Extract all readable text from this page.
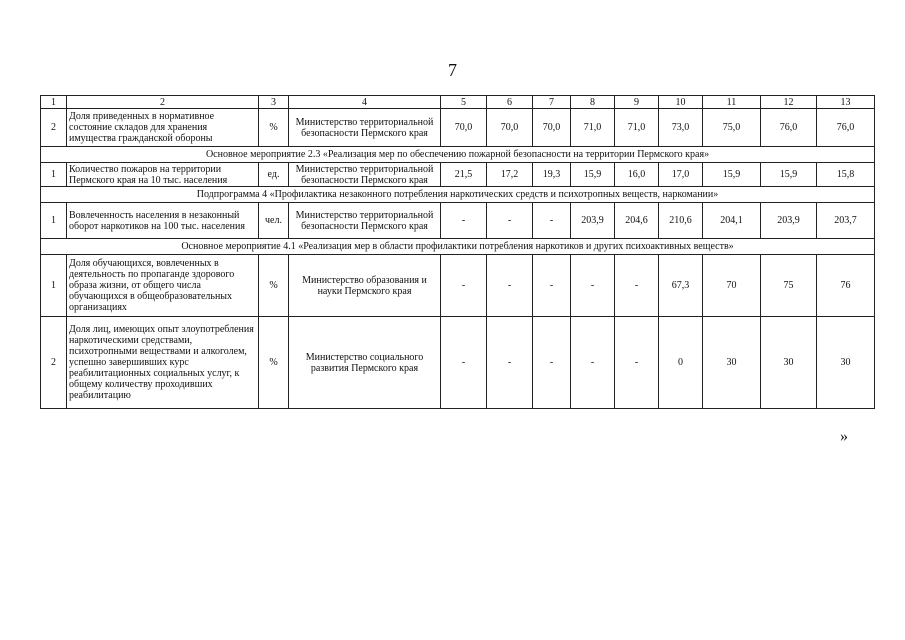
7
1	2	3	4	5	6	7	8	9	10	11	12	13
2	Доля приведенных в нормативное состояние складов для хранения имущества гражданской обороны	%	Министерство территориальной безопасности Пермского края	70,0	70,0	70,0	71,0	71,0	73,0	75,0	76,0	76,0
Основное мероприятие 2.3 «Реализация мер по обеспечению пожарной безопасности на территории Пермского края»												
1	Количество пожаров на территории Пермского края на 10 тыс. населения	ед.	Министерство территориальной безопасности Пермского края	21,5	17,2	19,3	15,9	16,0	17,0	15,9	15,9	15,8
Подпрограмма 4 «Профилактика незаконного потребления наркотических средств и психотропных веществ, наркомании»												
1	Вовлеченность населения в незаконный оборот наркотиков на 100 тыс. населения	чел.	Министерство территориальной безопасности Пермского края	-	-	-	203,9	204,6	210,6	204,1	203,9	203,7
Основное мероприятие 4.1 «Реализация мер в области профилактики потребления наркотиков и других психоактивных веществ»												
1	Доля обучающихся, вовлеченных в деятельность по пропаганде здорового образа жизни, от общего числа обучающихся в общеобразовательных организациях	%	Министерство образования и науки Пермского края	-	-	-	-	-	67,3	70	75	76
2	Доля лиц, имеющих опыт злоупотребления наркотическими средствами, психотропными веществами и алкоголем, успешно завершивших курс реабилитационных социальных услуг, к общему количеству проходивших реабилитацию	%	Министерство социального развития Пермского края	-	-	-	-	-	0	30	30	30
»
